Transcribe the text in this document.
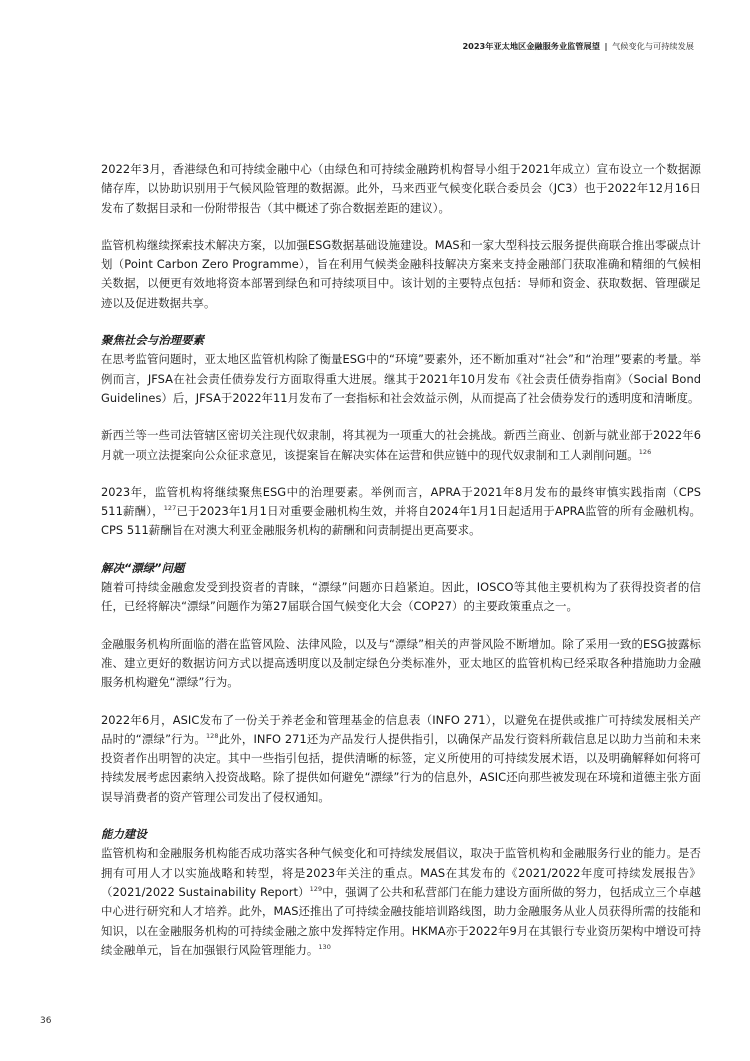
2023年亚太地区金融服务业监管展望 | 气候变化与可持续发展

2022年3月，香港绿色和可持续金融中心（由绿色和可持续金融跨机构督导小组于2021年成立）宣布设立一个数据源储存库，以协助识别用于气候风险管理的数据源。此外，马来西亚气候变化联合委员会（JC3）也于2022年12月16日发布了数据目录和一份附带报告（其中概述了弥合数据差距的建议）。

监管机构继续探索技术解决方案，以加强ESG数据基础设施建设。MAS和一家大型科技云服务提供商联合推出零碳点计划（Point Carbon Zero Programme），旨在利用气候类金融科技解决方案来支持金融部门获取准确和精细的气候相关数据，以便更有效地将资本部署到绿色和可持续项目中。该计划的主要特点包括：导师和资金、获取数据、管理碳足迹以及促进数据共享。

聚焦社会与治理要素

在思考监管问题时，亚太地区监管机构除了衡量ESG中的“环境”要素外，还不断加重对“社会”和“治理”要素的考量。举例而言，JFSA在社会责任债券发行方面取得重大进展。继其于2021年10月发布《社会责任债券指南》（Social Bond Guidelines）后，JFSA于2022年11月发布了一套指标和社会效益示例，从而提高了社会债券发行的透明度和清晰度。

新西兰等一些司法管辖区密切关注现代奴隶制，将其视为一项重大的社会挑战。新西兰商业、创新与就业部于2022年6月就一项立法提案向公众征求意见，该提案旨在解决实体在运营和供应链中的现代奴隶制和工人剥削问题。$^{126}$

2023年，监管机构将继续聚焦ESG中的治理要素。举例而言，APRA于2021年8月发布的最终审慎实践指南（CPS 511薪酬），$^{127}$已于2023年1月1日对重要金融机构生效，并将自2024年1月1日起适用于APRA监管的所有金融机构。CPS 511薪酬旨在对澳大利亚金融服务机构的薪酬和问责制提出更高要求。

解决“漂绿”问题

随着可持续金融愈发受到投资者的青睐，“漂绿”问题亦日趋紧迫。因此，IOSCO等其他主要机构为了获得投资者的信任，已经将解决“漂绿”问题作为第27届联合国气候变化大会（COP27）的主要政策重点之一。

金融服务机构所面临的潜在监管风险、法律风险，以及与“漂绿”相关的声誉风险不断增加。除了采用一致的ESG披露标准、建立更好的数据访问方式以提高透明度以及制定绿色分类标准外，亚太地区的监管机构已经采取各种措施助力金融服务机构避免“漂绿”行为。

2022年6月，ASIC发布了一份关于养老金和管理基金的信息表（INFO 271），以避免在提供或推广可持续发展相关产品时的“漂绿”行为。$^{128}$此外，INFO 271还为产品发行人提供指引，以确保产品发行资料所载信息足以助力当前和未来投资者作出明智的决定。其中一些指引包括，提供清晰的标签，定义所使用的可持续发展术语，以及明确解释如何将可持续发展考虑因素纳入投资战略。除了提供如何避免“漂绿”行为的信息外，ASIC还向那些被发现在环境和道德主张方面误导消费者的资产管理公司发出了侵权通知。

能力建设

监管机构和金融服务机构能否成功落实各种气候变化和可持续发展倡议，取决于监管机构和金融服务行业的能力。是否拥有可用人才以实施战略和转型，将是2023年关注的重点。MAS在其发布的《2021/2022年度可持续发展报告》（2021/2022 Sustainability Report）$^{129}$中，强调了公共和私营部门在能力建设方面所做的努力，包括成立三个卓越中心进行研究和人才培养。此外，MAS还推出了可持续金融技能培训路线图，助力金融服务从业人员获得所需的技能和知识，以在金融服务机构的可持续金融之旅中发挥特定作用。HKMA亦于2022年9月在其银行专业资历架构中增设可持续金融单元，旨在加强银行风险管理能力。$^{130}$

36
